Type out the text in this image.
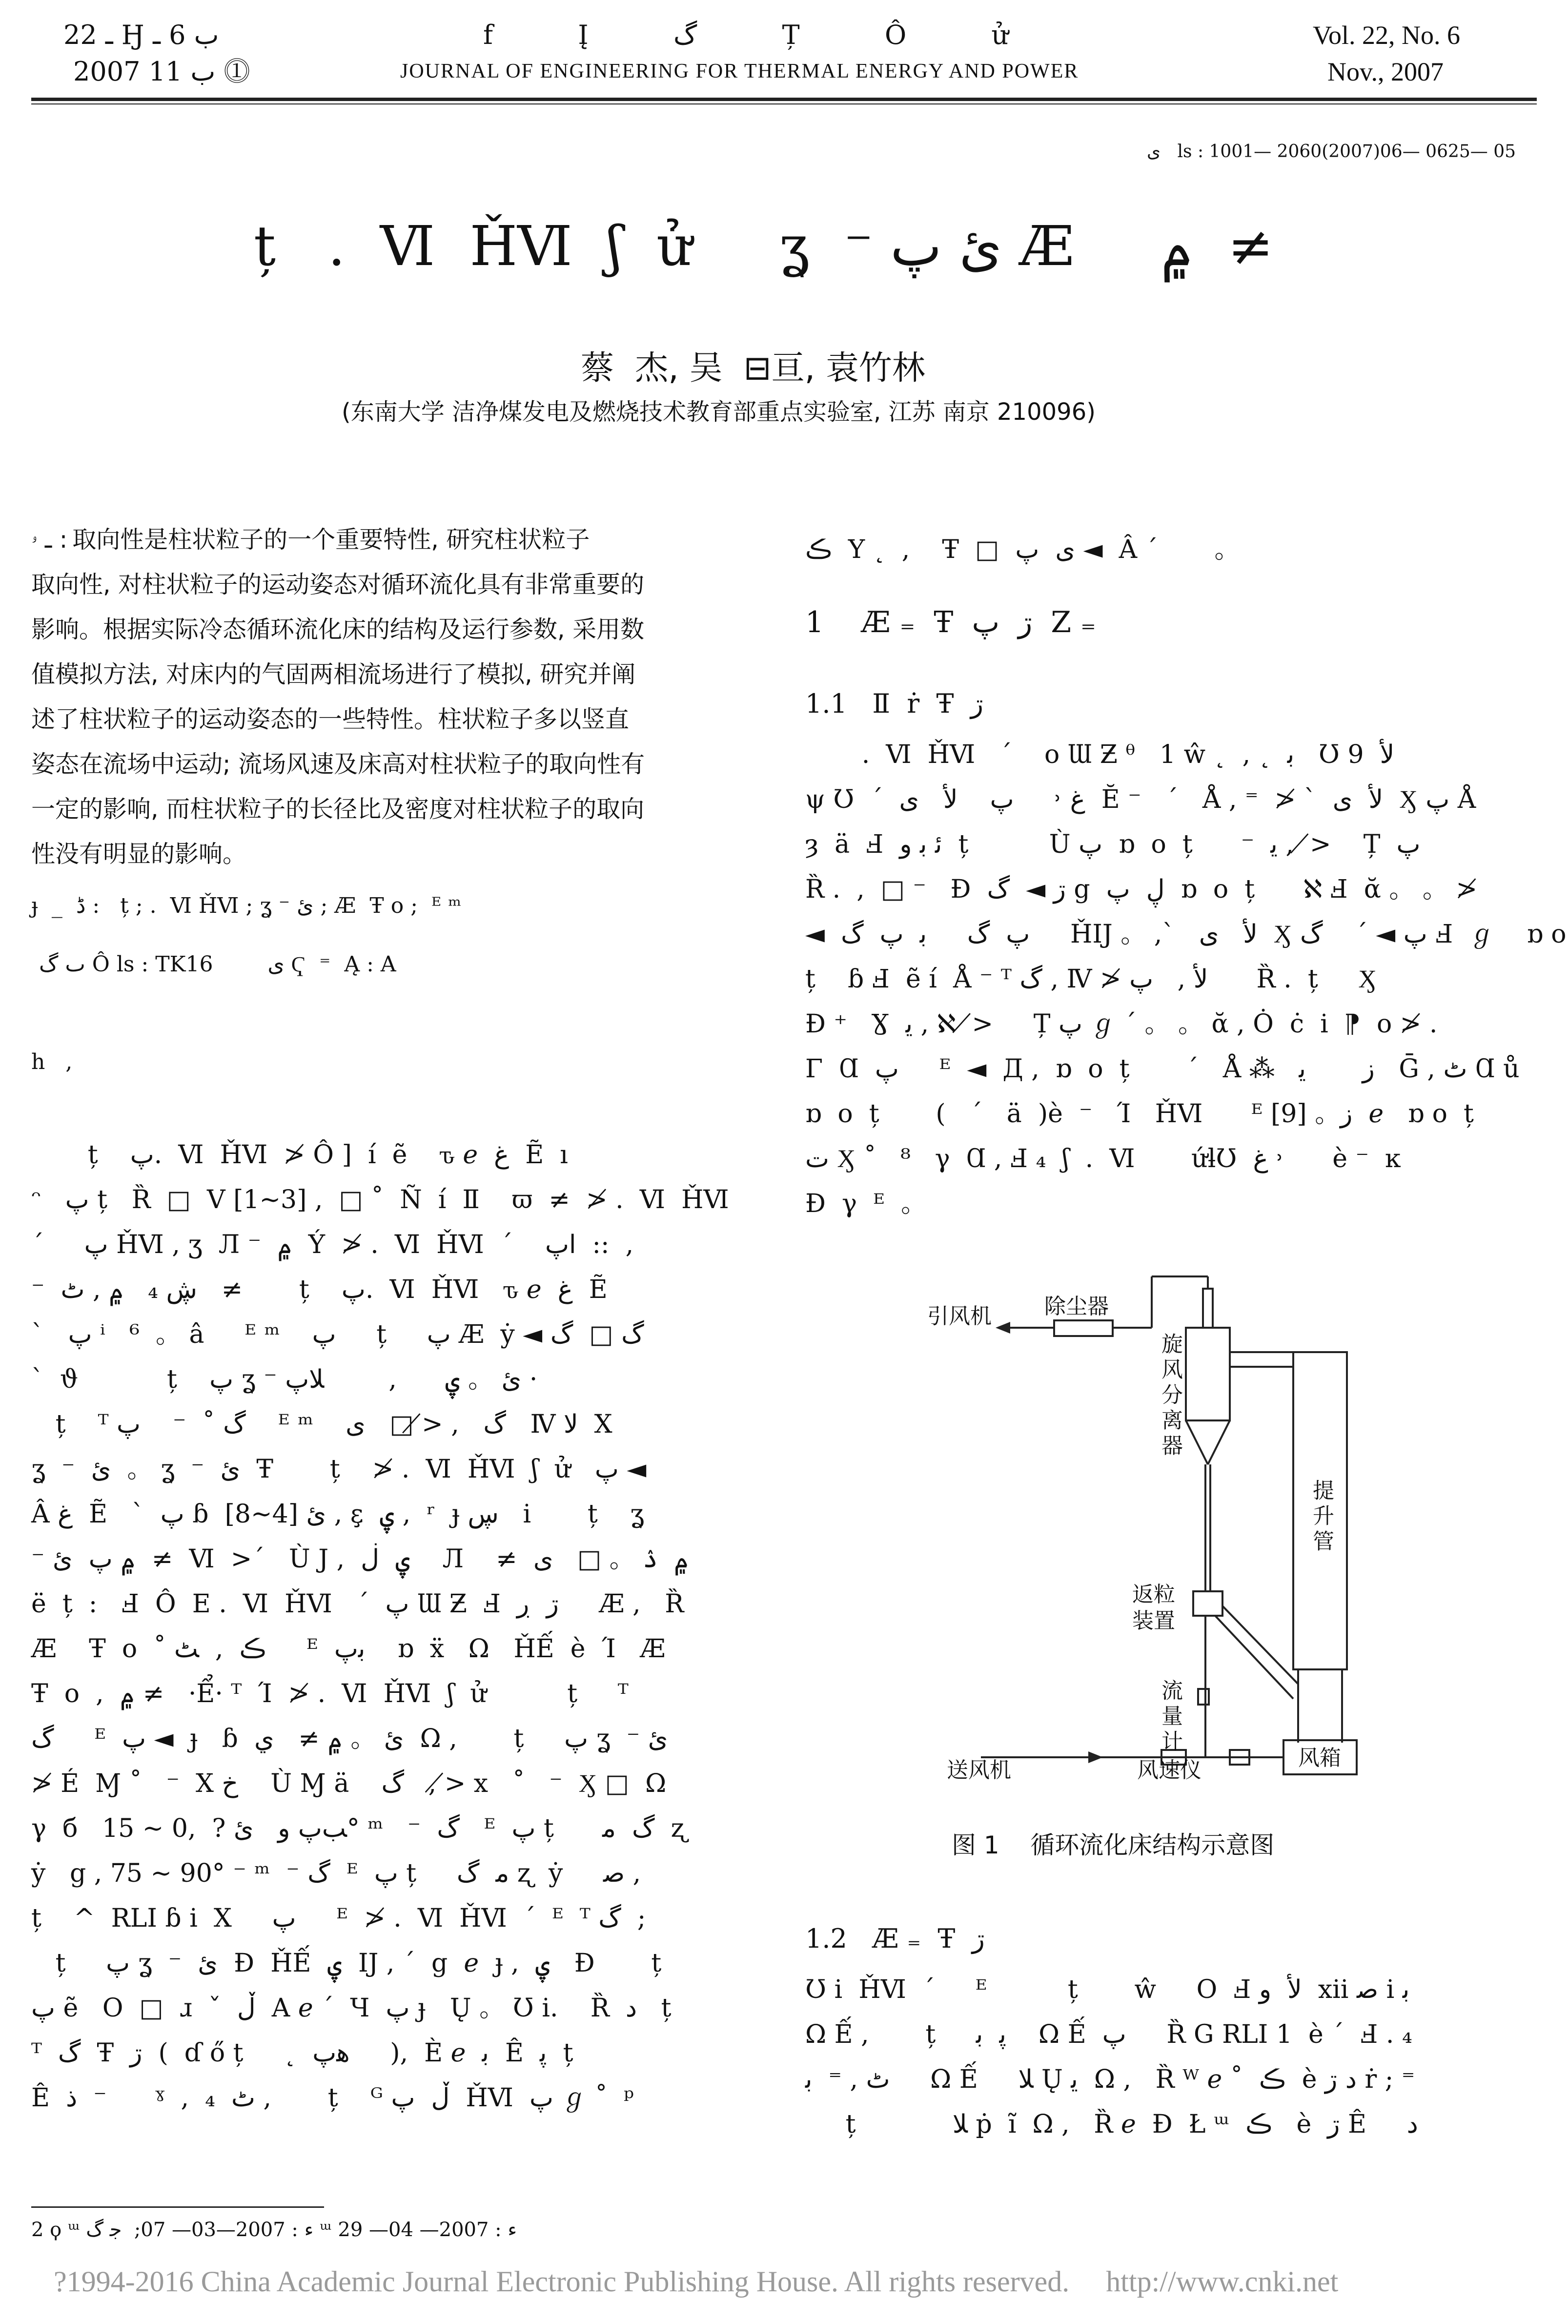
ـ 22 Ӈ ب 6 ـ
2007 ب 11 ⓵
f  Į  گ  Ț  Ô  ử
JOURNAL OF ENGINEERING FOR THERMAL ENERGY AND POWER
Vol. 22, No. 6
Nov., 2007
ی   ls : 1001— 2060(2007)06— 0625— 05
ț   .  Ⅵ  ȞⅥ  ʃ  ử     ʓ  ⁻ ئ پ Æ     ۾  ≠
蔡  杰, 吴  ⊟亘, 袁竹林
(东南大学 洁净煤发电及燃烧技术教育部重点实验室, 江苏 南京 210096)
ـ ۥ : 取向性是柱状粒子的一个重要特性, 研究柱状粒子
取向性, 对柱状粒子的运动姿态对循环流化具有非常重要的
影响。根据实际冷态循环流化床的结构及运行参数, 采用数
值模拟方法, 对床内的气固两相流场进行了模拟, 研究并阐
述了柱状粒子的运动姿态的一些特性。柱状粒子多以竖直
姿态在流场中运动; 流场风速及床高对柱状粒子的取向性有
一定的影响, 而柱状粒子的长径比及密度对柱状粒子的取向
性没有明显的影响。
ɟ  _  ڈ :   ț ; .  Ⅵ ȞⅥ ; ʓ ⁻ ئ ; Æ  Ŧ o ;  ᴱ ᵐ
ٮ گ Ô ls : TK16        ی Ҁ  ⁼  Ą : A
h   ,
ț    پ.  Ⅵ  ȞⅥ  ≯ Ô ]  í  ẽ    ԏ ℯ  غ  Ẽ  ı
ᵔ   پ ț   Ȑ  □  V [1~3] ,  □ ˚  Ñ  í  Ⅱ    ϖ  ≠  ≯ .  Ⅵ  ȞⅥ
´     پ ȞⅥ , ʒ  Л ⁻  ۾  Ý  ≯ .  Ⅵ  ȞⅥ  ´    ﺍپ  ::  ,
⁻  ڜ ₄   ۾ , ٹ   ≠       ț    پ.  Ⅵ  ȞⅥ   ԏ ℯ  غ  Ẽ
ˋ   پ ⁱ   ⁶  。 â     ᴱ ᵐ    پ     ț     پ Æ  ẏ ◄ گ □  گ
ˋ  ϑ           ț    پ ʓ ⁻ ئ 。 ۑ      ,        ﻼپ ·
ț    ᵀ گ ˚  ⁻    پ    ᴱ ᵐ    گ   , ≯ □   ی   Ⅳ ﻻ  X
ʓ  ⁻  ئ  。 ʓ  ⁻  ئ  Ŧ       ț    ≯ .  Ⅵ  ȞⅥ  ʃ  ử   پ ◄
Â غ  Ẽ   ˋ  پ ɓ  ئ [4~8] , ɛ̧  ۑ ,  ʳ  ɟ ڛ   i       ț    ʓ
⁻ ۾ پ  ئ  ≠  Ⅵ  >´   Ù J ,  ۑ  ڶ    Л    ≠  ۾  ۮ 。 □   ی
ë  ț  :   Ⅎ  Ô  E .  Ⅵ  ȞⅥ   ´  پ Ɯ Ƶ  Ⅎ  ڗ  ڔ     Æ ,   Ȑ
Æ    Ŧ  o  ˚ ڪ  ,  ﭧ     ᴱ  ﺑپ    ɒ  ẍ   Ω   ȞẾ  è  Ί   Æ
Ŧ  o  ,  ۾ ≠   ·Ể· ᵀ  Ί  ≯ .  Ⅵ  ȞⅥ  ʃ  ử          ț     ᵀ
گ     ᴱ  پ ◄  ɟ   ɓ  ئ 。 ۾ ≠   ي  Ω ,       ț     پ ʓ  ⁻ ئ
≯ É  Ɱ ˚   ⁻  Χ ﺥ    Ù Ɱ ä    گ   , ≯ x   ˚   ⁻  Ӽ □  Ω
γ  б   ﺐپ و   ئ ?  ,0 ~ 15° ᵐ   ⁻  گ   ᴱ  پ ț      گ  ﻣ  ʐ
ẏ   g , 75 ~ 90° ⁻ ᵐ  ⁻ گ  ᴱ  پ ț     ﻣ  گ ʐ  ẏ     ﺻ ,
ț    ^  RLI ɓ i  X     پ     ᴱ  ≯ .  Ⅵ  ȞⅥ  ´  ᴱ  ᵀ گ  ;
ț     پ ʓ  ⁻  ئ  Ɖ  ȞẾ  ۑ  IJ , ´  g  ℯ  ɟ ,  ۑ   Ɖ       ț
پ ẽ   O  □  ɹ  ˇ  ڵ  A ℯ ´  Ч  پ ɟ   Ų 。 Ʊ i.    Ȑ  ﺩ   ț
ᵀ  گ  Ŧ  ڗ  (  ɗ ő ț     ˛  ﮬپ     ),  È ℯ  ﺑ  Ê  ﭘ  ț
Ê  ﺫ  ⁻      ˠ  ,  ₄  ٹ ,       ț    ᴳ ڵ  ﭖ  ȞⅥ  پ ℊ ˚  ᵖ
2 ϙ ᵚ ﺀ : 2007—03— 07;  ﺟ گ ᵚ ﺀ : 2007— 04— 29
ڪ  Υ ˛  ,    Ŧ  □  ی  پ ◄  Â ´       。
1    Æ ₌  Ŧ  ڗ  پ  Ζ ₌
1.1   Ⅱ  ṙ  Ŧ  ڗ
.  Ⅵ  ȞⅥ   ´    o Ɯ Ƶ ᶿ   1 ŵ ˛  , ˛  ﺑ   Ʊ ﻷ  9
ψ Ʊ  ´  غ ˒     پ    ﻷ   ی  Ĕ ⁻   ´   Å , ⁼  ≯ ˋ  ﻷ  ی  Ӽ پ Å
ȝ  ä  Ⅎ  ﺋ ﺑ ﻭ  ț          Ù پ  ɒ  o  ț      ⁻  ﻳ ,  ≯    Ț  پ
Ȑ .  ,  □ ⁻   Ɖ  ڗ ◄  گ g  ڸ  پ  ɒ  o  ț      ℵ Ⅎ  ᾰ 。 。 ≯
◄  پ  گ     ﺑ  پ  گ     ȞIJ 。 ,ˋ   ﻷ   ی  Ӽ پ ◄ ˊ    گ Ⅎ  ℊ    ɒ o
ț    ɓ Ⅎ  ẽ í  Å ⁻ ᵀ گ , Ⅳ ≯ ﻷ ,   پ      Ȑ .  ț     Ӽ
Ɖ ⁺   Ɣ  ﻳ , ℵ  ≯     Ț پ ℊ ˊ 。 。 ᾰ , Ȯ  ċ  i  ⁋  o ≯ .
Γ  Ɑ  پ     ᴱ  ◄  Д ,  ɒ  o  ț       ´   Å ⁂   ﺯ       ﻳ   Ḡ , ٹ Ɑ ů
ɒ  o  ț       (   ´   ä  )è  ⁻   Ί   ȞⅥ      ᴱ [9] 。ﺯ  ℯ   ɒ o  ț
ﺕ Ӽ ˚   ⁸   γ  Ɑ , Ⅎ ₄  ʃ  .  Ⅵ       ứƚƱ  غ ˒      è ⁻  ĸ
Ɖ  γ  ᴱ  。
引风机 除尘器
旋风分离器
提升管
返粒装置
流量计
送风机	风速仪	风箱
图 1    循环流化床结构示意图
1.2   Æ ₌  Ŧ  ڗ
Ʊ i  ȞⅥ  ´     ᴱ          ț       ŵ     O  Ⅎ ﻷ  ﻭ  xii ﺻ i ﺑ
Ω Ế ,       ț     ﭘ  ﺑ    Ω Ế  پ     Ȑ G RLI 1  è ´  Ⅎ . ₄
ٹ , ⁼  ﺑ     Ω Ế     ﻼ Ų ﻳ  Ω ,   Ȑ ᵂ ℯ ˚  ڪ  è ﺩ ڗ ṙ ; ⁼
ț            ﻼ ṗ  ĩ  Ω ,   Ȑ ℯ  Ɖ  Ł ᵚ  ڪ   è  ڗ Ê     ﺩ
?1994-2016 China Academic Journal Electronic Publishing House. All rights reserved.     http://www.cnki.net
